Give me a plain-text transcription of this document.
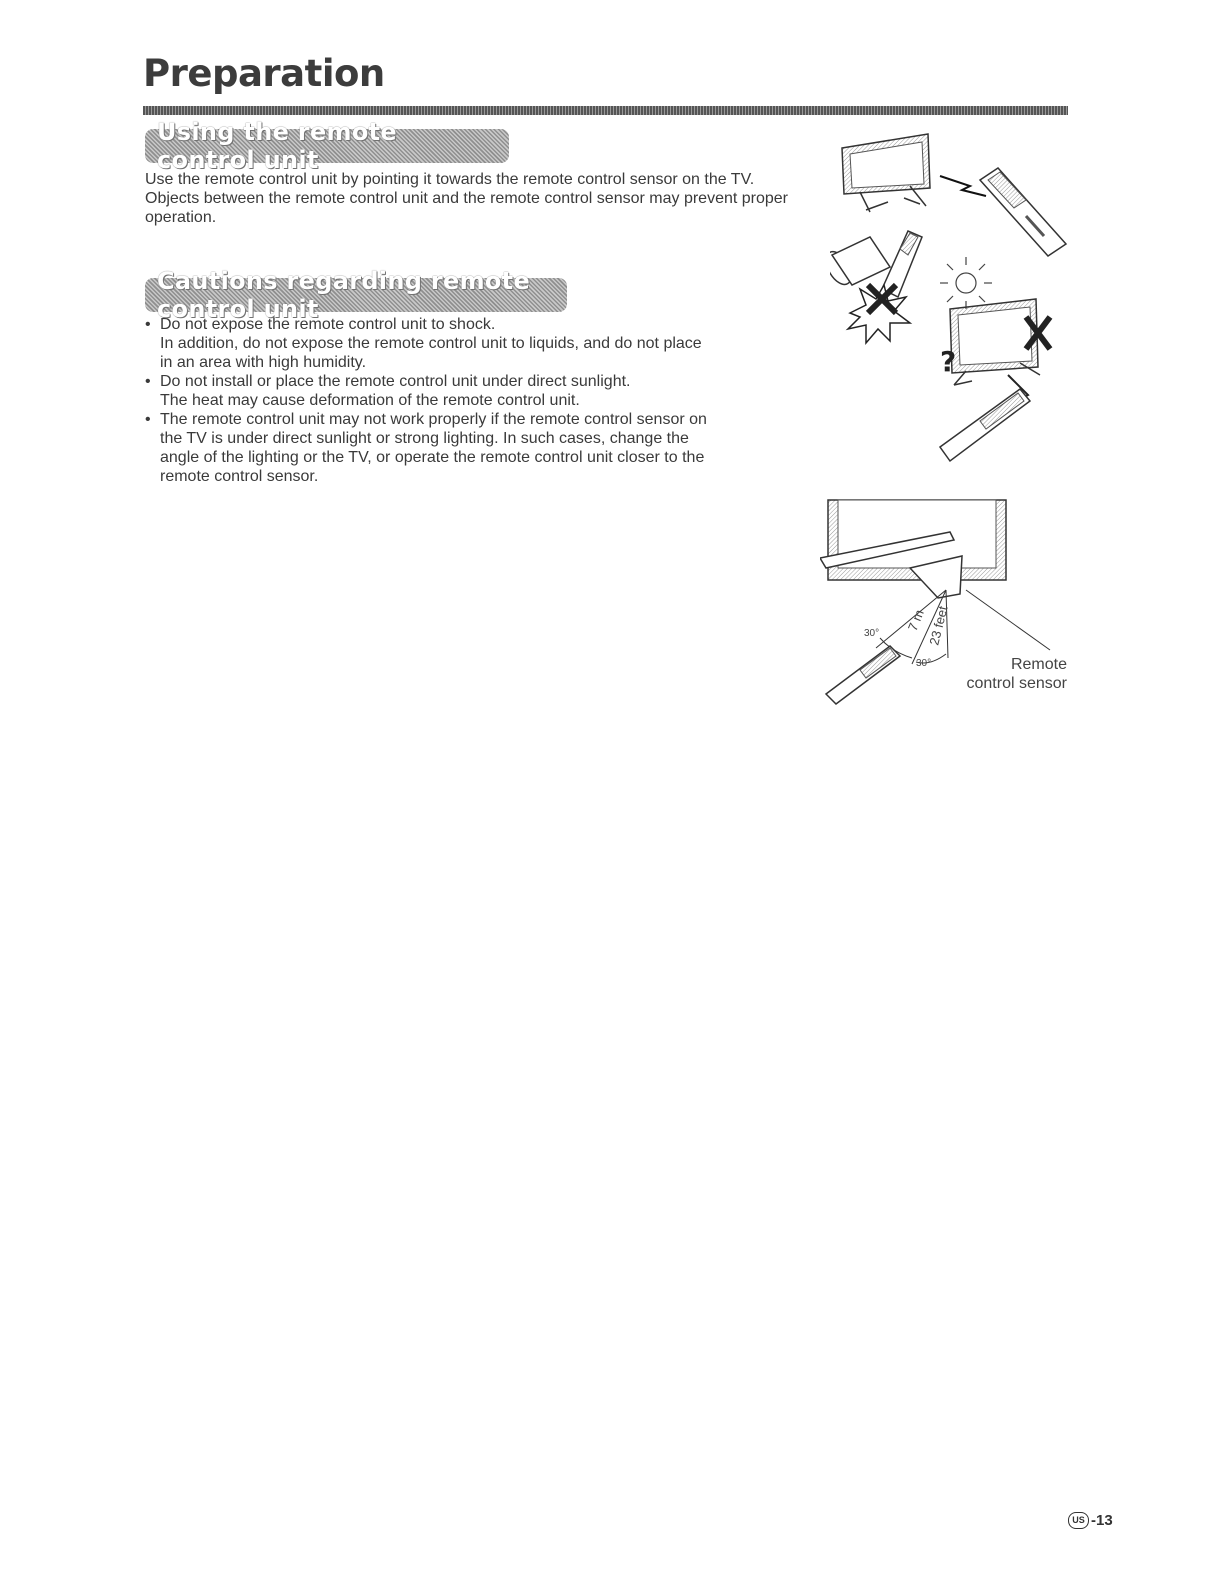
Preparation
Using the remote control unit

Use the remote control unit by pointing it towards the remote control sensor on the TV. Objects between the remote control unit and the remote control sensor may prevent proper operation.

Cautions regarding remote control unit
• Do not expose the remote control unit to shock.
In addition, do not expose the remote control unit to liquids, and do not place
in an area with high humidity.
• Do not install or place the remote control unit under direct sunlight.
The heat may cause deformation of the remote control unit.
• The remote control unit may not work properly if the remote control sensor on
the TV is under direct sunlight or strong lighting. In such cases, change the
angle of the lighting or the TV, or operate the remote control unit closer to the
remote control sensor.
?
7 m 23 feet
30°
30°	Remote
control sensor
US -13
